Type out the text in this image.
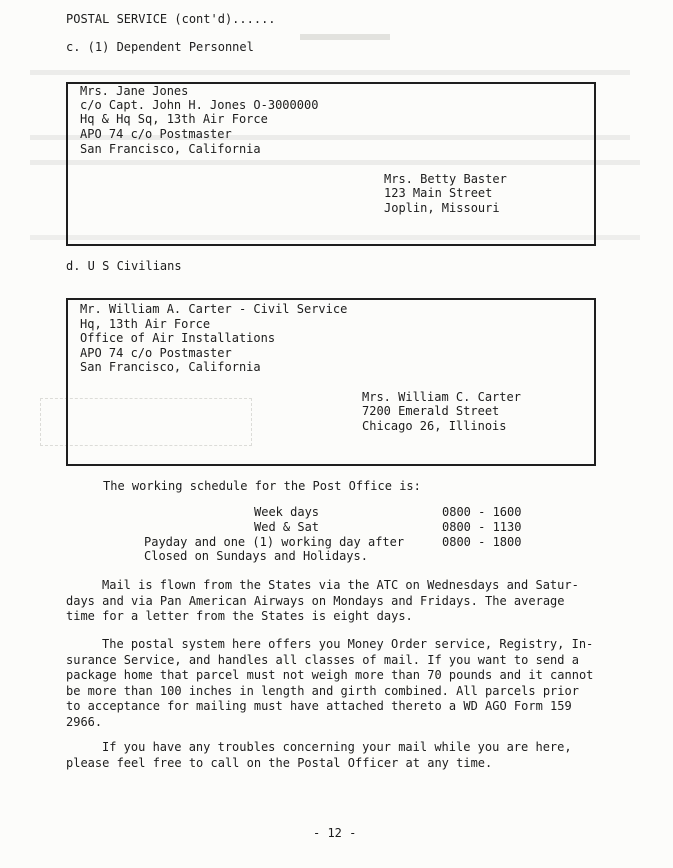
POSTAL SERVICE (cont'd)......
c. (1) Dependent Personnel
Mrs. Jane Jones
c/o Capt. John H. Jones O-3000000
Hq & Hq Sq, 13th Air Force
APO 74 c/o Postmaster
San Francisco, California
Mrs. Betty Baster
123 Main Street
Joplin, Missouri
d. U S Civilians
Mr. William A. Carter - Civil Service
Hq, 13th Air Force
Office of Air Installations
APO 74 c/o Postmaster
San Francisco, California
Mrs. William C. Carter
7200 Emerald Street
Chicago 26, Illinois
The working schedule for the Post Office is:
Week days	0800 - 1600
Wed & Sat	0800 - 1130
Payday and one (1) working day after	0800 - 1800
Closed on Sundays and Holidays.
Mail is flown from the States via the ATC on Wednesdays and Satur-
days and via Pan American Airways on Mondays and Fridays. The average
time for a letter from the States is eight days.
The postal system here offers you Money Order service, Registry, In-
surance Service, and handles all classes of mail. If you want to send a
package home that parcel must not weigh more than 70 pounds and it cannot
be more than 100 inches in length and girth combined. All parcels prior
to acceptance for mailing must have attached thereto a WD AGO Form 159
2966.
If you have any troubles concerning your mail while you are here,
please feel free to call on the Postal Officer at any time.
- 12 -
